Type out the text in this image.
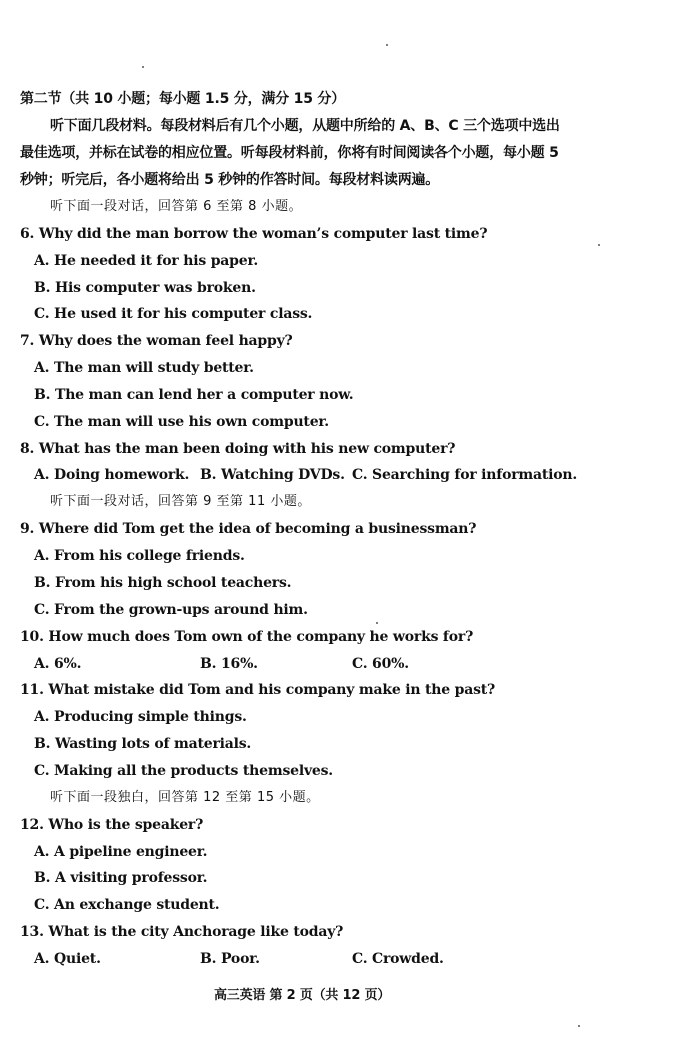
第二节（共 10 小题；每小题 1.5 分，满分 15 分）
听下面几段材料。每段材料后有几个小题，从题中所给的 A、B、C 三个选项中选出
最佳选项，并标在试卷的相应位置。听每段材料前，你将有时间阅读各个小题，每小题 5
秒钟；听完后，各小题将给出 5 秒钟的作答时间。每段材料读两遍。
听下面一段对话，回答第 6 至第 8 小题。
6. Why did the man borrow the woman’s computer last time?
A. He needed it for his paper.
B. His computer was broken.
C. He used it for his computer class.
7. Why does the woman feel happy?
A. The man will study better.
B. The man can lend her a computer now.
C. The man will use his own computer.
8. What has the man been doing with his new computer?
A. Doing homework. B. Watching DVDs. C. Searching for information.
听下面一段对话，回答第 9 至第 11 小题。
9. Where did Tom get the idea of becoming a businessman?
A. From his college friends.
B. From his high school teachers.
C. From the grown-ups around him.
10. How much does Tom own of the company he works for?
A. 6%.	B. 16%.	C. 60%.
11. What mistake did Tom and his company make in the past?
A. Producing simple things.
B. Wasting lots of materials.
C. Making all the products themselves.
听下面一段独白，回答第 12 至第 15 小题。
12. Who is the speaker?
A. A pipeline engineer.
B. A visiting professor.
C. An exchange student.
13. What is the city Anchorage like today?
A. Quiet.	B. Poor.	C. Crowded.
高三英语 第 2 页（共 12 页）
